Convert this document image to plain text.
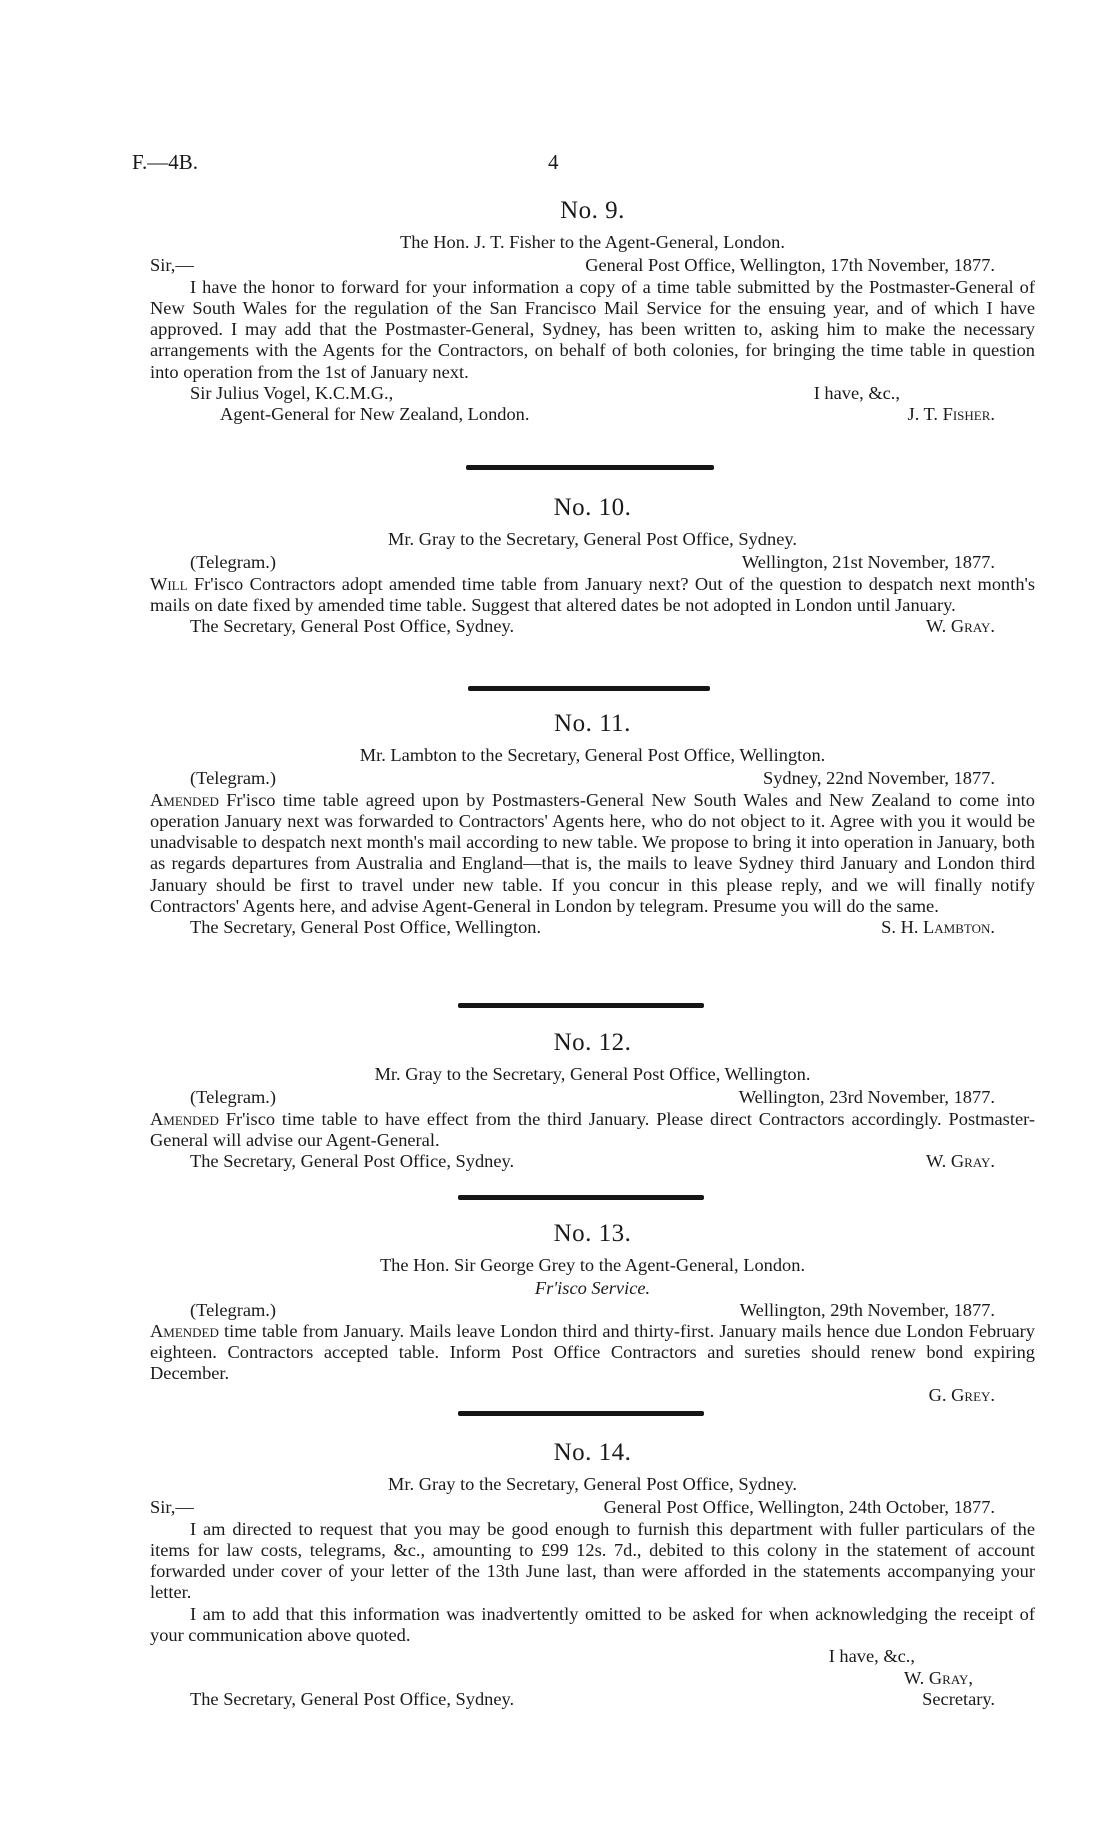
F.—4B.	4
No. 9.
The Hon. J. T. Fisher to the Agent-General, London.
Sir,—	General Post Office, Wellington, 17th November, 1877.
I have the honor to forward for your information a copy of a time table submitted by the Postmaster-General of New South Wales for the regulation of the San Francisco Mail Service for the ensuing year, and of which I have approved. I may add that the Postmaster-General, Sydney, has been written to, asking him to make the necessary arrangements with the Agents for the Contractors, on behalf of both colonies, for bringing the time table in question into operation from the 1st of January next.
Sir Julius Vogel, K.C.M.G.,	I have, &c.,
Agent-General for New Zealand, London.	J. T. Fisher.
No. 10.
Mr. Gray to the Secretary, General Post Office, Sydney.
(Telegram.)	Wellington, 21st November, 1877.
Will Fr'isco Contractors adopt amended time table from January next? Out of the question to despatch next month's mails on date fixed by amended time table. Suggest that altered dates be not adopted in London until January.
The Secretary, General Post Office, Sydney.	W. Gray.
No. 11.
Mr. Lambton to the Secretary, General Post Office, Wellington.
(Telegram.)	Sydney, 22nd November, 1877.
Amended Fr'isco time table agreed upon by Postmasters-General New South Wales and New Zealand to come into operation January next was forwarded to Contractors' Agents here, who do not object to it. Agree with you it would be unadvisable to despatch next month's mail according to new table. We propose to bring it into operation in January, both as regards departures from Australia and England—that is, the mails to leave Sydney third January and London third January should be first to travel under new table. If you concur in this please reply, and we will finally notify Contractors' Agents here, and advise Agent-General in London by telegram. Presume you will do the same.
The Secretary, General Post Office, Wellington.	S. H. Lambton.
No. 12.
Mr. Gray to the Secretary, General Post Office, Wellington.
(Telegram.)	Wellington, 23rd November, 1877.
Amended Fr'isco time table to have effect from the third January. Please direct Contractors accordingly. Postmaster-General will advise our Agent-General.
The Secretary, General Post Office, Sydney.	W. Gray.
No. 13.
The Hon. Sir George Grey to the Agent-General, London.
Fr'isco Service.
(Telegram.)	Wellington, 29th November, 1877.
Amended time table from January. Mails leave London third and thirty-first. January mails hence due London February eighteen. Contractors accepted table. Inform Post Office Contractors and sureties should renew bond expiring December.
G. Grey.
No. 14.
Mr. Gray to the Secretary, General Post Office, Sydney.
Sir,—	General Post Office, Wellington, 24th October, 1877.
I am directed to request that you may be good enough to furnish this department with fuller particulars of the items for law costs, telegrams, &c., amounting to £99 12s. 7d., debited to this colony in the statement of account forwarded under cover of your letter of the 13th June last, than were afforded in the statements accompanying your letter.
I am to add that this information was inadvertently omitted to be asked for when acknowledging the receipt of your communication above quoted.
I have, &c.,
W. Gray,
The Secretary, General Post Office, Sydney.	Secretary.
